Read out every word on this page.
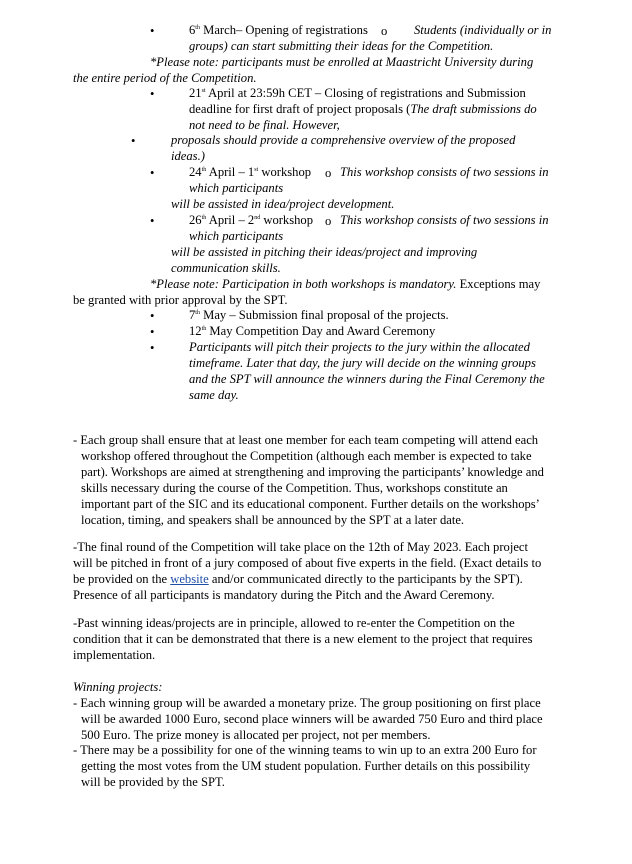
•	6th March– Opening of registrations o Students (individually or in
groups) can start submitting their ideas for the Competition.
*Please note: participants must be enrolled at Maastricht University during
the entire period of the Competition.
•	21st April at 23:59h CET – Closing of registrations and Submission
deadline for first draft of project proposals (The draft submissions do
not need to be final. However,
•	proposals should provide a comprehensive overview of the proposed
ideas.)
•	24th April – 1st workshop o This workshop consists of two sessions in
which participants
will be assisted in idea/project development.
•	26th April – 2nd workshop o This workshop consists of two sessions in
which participants
will be assisted in pitching their ideas/project and improving
communication skills.
*Please note: Participation in both workshops is mandatory. Exceptions may
be granted with prior approval by the SPT.
•	7th May – Submission final proposal of the projects.
•	12th May Competition Day and Award Ceremony
•	Participants will pitch their projects to the jury within the allocated
timeframe. Later that day, the jury will decide on the winning groups
and the SPT will announce the winners during the Final Ceremony the
same day.
- Each group shall ensure that at least one member for each team competing will attend each
workshop offered throughout the Competition (although each member is expected to take
part). Workshops are aimed at strengthening and improving the participants’ knowledge and
skills necessary during the course of the Competition. Thus, workshops constitute an
important part of the SIC and its educational component. Further details on the workshops’
location, timing, and speakers shall be announced by the SPT at a later date.
-The final round of the Competition will take place on the 12th of May 2023. Each project
will be pitched in front of a jury composed of about five experts in the field. (Exact details to
be provided on the website and/or communicated directly to the participants by the SPT).
Presence of all participants is mandatory during the Pitch and the Award Ceremony.
-Past winning ideas/projects are in principle, allowed to re-enter the Competition on the
condition that it can be demonstrated that there is a new element to the project that requires
implementation.
Winning projects:
- Each winning group will be awarded a monetary prize. The group positioning on first place
will be awarded 1000 Euro, second place winners will be awarded 750 Euro and third place
500 Euro. The prize money is allocated per project, not per members.
- There may be a possibility for one of the winning teams to win up to an extra 200 Euro for
getting the most votes from the UM student population. Further details on this possibility
will be provided by the SPT.
